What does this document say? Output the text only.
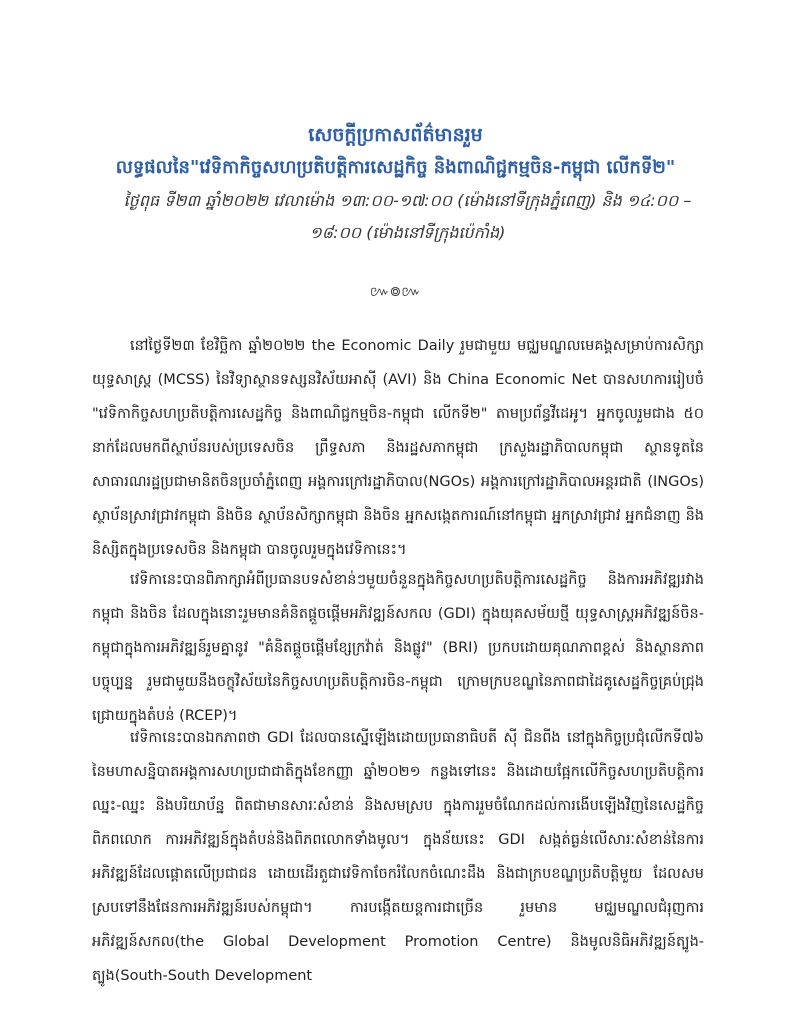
សេចក្ដីប្រកាសព័ត៌មានរួម
លទ្ធផលនៃ"វេទិកាកិច្ចសហប្រតិបត្តិការសេដ្ឋកិច្ច និងពាណិជ្ជកម្មចិន-កម្ពុជា លើកទី២"
ថ្ងៃពុធ ទី២៣ ឆ្នាំ២០២២ វេលាម៉ោង ១៣:០០-១៧:០០ (ម៉ោងនៅទីក្រុងភ្នំពេញ) និង ១៤:០០ – ១៨:០០ (ម៉ោងនៅទីក្រុងប៉េកាំង)
៚៙៚

នៅថ្ងៃទី២៣ ខែវិច្ឆិកា ឆ្នាំ២០២២ the Economic Daily រួមជាមួយ មជ្ឈមណ្ឌលមេគង្គសម្រាប់ការសិក្សាយុទ្ធសាស្ត្រ (MCSS) នៃវិទ្យាស្ថានទស្សនវិស័យអាស៊ី (AVI) និង China Economic Net បានសហការរៀបចំ "វេទិកាកិច្ចសហប្រតិបត្តិការសេដ្ឋកិច្ច និងពាណិជ្ជកម្មចិន-កម្ពុជា លើកទី២" តាមប្រព័ន្ធវីដេអូ។ អ្នកចូលរួមជាង ៥០ នាក់ដែលមកពីស្ថាប័នរបស់ប្រទេសចិន ព្រឹទ្ធសភា និងរដ្ឋសភាកម្ពុជា ក្រសួងរដ្ឋាភិបាលកម្ពុជា ស្ថានទូតនៃសាធារណរដ្ឋប្រជាមានិតចិនប្រចាំភ្នំពេញ អង្គការក្រៅរដ្ឋាភិបាល(NGOs) អង្គការក្រៅរដ្ឋាភិបាលអន្តរជាតិ (INGOs) ស្ថាប័នស្រាវជ្រាវកម្ពុជា និងចិន ស្ថាប័នសិក្សាកម្ពុជា និងចិន អ្នកសង្កេតការណ៍នៅកម្ពុជា អ្នកស្រាវជ្រាវ អ្នកជំនាញ និងនិស្សិតក្នុងប្រទេសចិន និងកម្ពុជា បានចូលរួមក្នុងវេទិកានេះ។

វេទិកានេះបានពិភាក្សាអំពីប្រធានបទសំខាន់ៗមួយចំនួនក្នុងកិច្ចសហប្រតិបត្តិការសេដ្ឋកិច្ច និងការអភិវឌ្ឍរវាងកម្ពុជា និងចិន ដែលក្នុងនោះរួមមានគំនិតផ្តួចផ្តើមអភិវឌ្ឍន៍សកល (GDI) ក្នុងយុគសម័យថ្មី យុទ្ធសាស្ត្រអភិវឌ្ឍន៍ចិន-កម្ពុជាក្នុងការអភិវឌ្ឍន៍រួមគ្នានូវ "គំនិតផ្តួចផ្តើមខ្សែក្រវ៉ាត់ និងផ្លូវ" (BRI) ប្រកបដោយគុណភាពខ្ពស់ និងស្ថានភាពបច្ចុប្បន្ន រួមជាមួយនឹងចក្ខុវិស័យនៃកិច្ចសហប្រតិបត្តិការចិន-កម្ពុជា ក្រោមក្របខណ្ឌនៃភាពជាដៃគូសេដ្ឋកិច្ចគ្រប់ជ្រុងជ្រោយក្នុងតំបន់ (RCEP)។

វេទិកានេះបានឯកភាពថា GDI ដែលបានស្នើឡើងដោយប្រធានាធិបតី ស៊ី ជិនពីង នៅក្នុងកិច្ចប្រជុំលើកទី៧៦ នៃមហាសន្និបាតអង្គការសហប្រជាជាតិក្នុងខែកញ្ញា ឆ្នាំ២០២១ កន្លងទៅនេះ និងដោយផ្អែកលើកិច្ចសហប្រតិបត្តិការឈ្នះ-ឈ្នះ និងបរិយាប័ន្ន ពិតជាមានសារៈសំខាន់ និងសមស្រប ក្នុងការរួមចំណែកដល់ការងើបឡើងវិញនៃសេដ្ឋកិច្ចពិភពលោក ការអភិវឌ្ឍន៍ក្នុងតំបន់និងពិភពលោកទាំងមូល។ ក្នុងន័យនេះ GDI សង្កត់ធ្ងន់លើសារៈសំខាន់នៃការអភិវឌ្ឍន៍ដែលផ្តោតលើប្រជាជន ដោយដើរតួជាវេទិកាចែករំលែកចំណេះដឹង និងជាក្របខណ្ឌប្រតិបត្តិមួយ ដែលសមស្របទៅនឹងផែនការអភិវឌ្ឍន៍របស់កម្ពុជា។ ការបង្កើតយន្តការជាច្រើន រួមមាន មជ្ឈមណ្ឌលជំរុញការអភិវឌ្ឍន៍សកល(the Global Development Promotion Centre) និងមូលនិធិអភិវឌ្ឍន៍ត្បូង-ត្បូង(South-South Development
